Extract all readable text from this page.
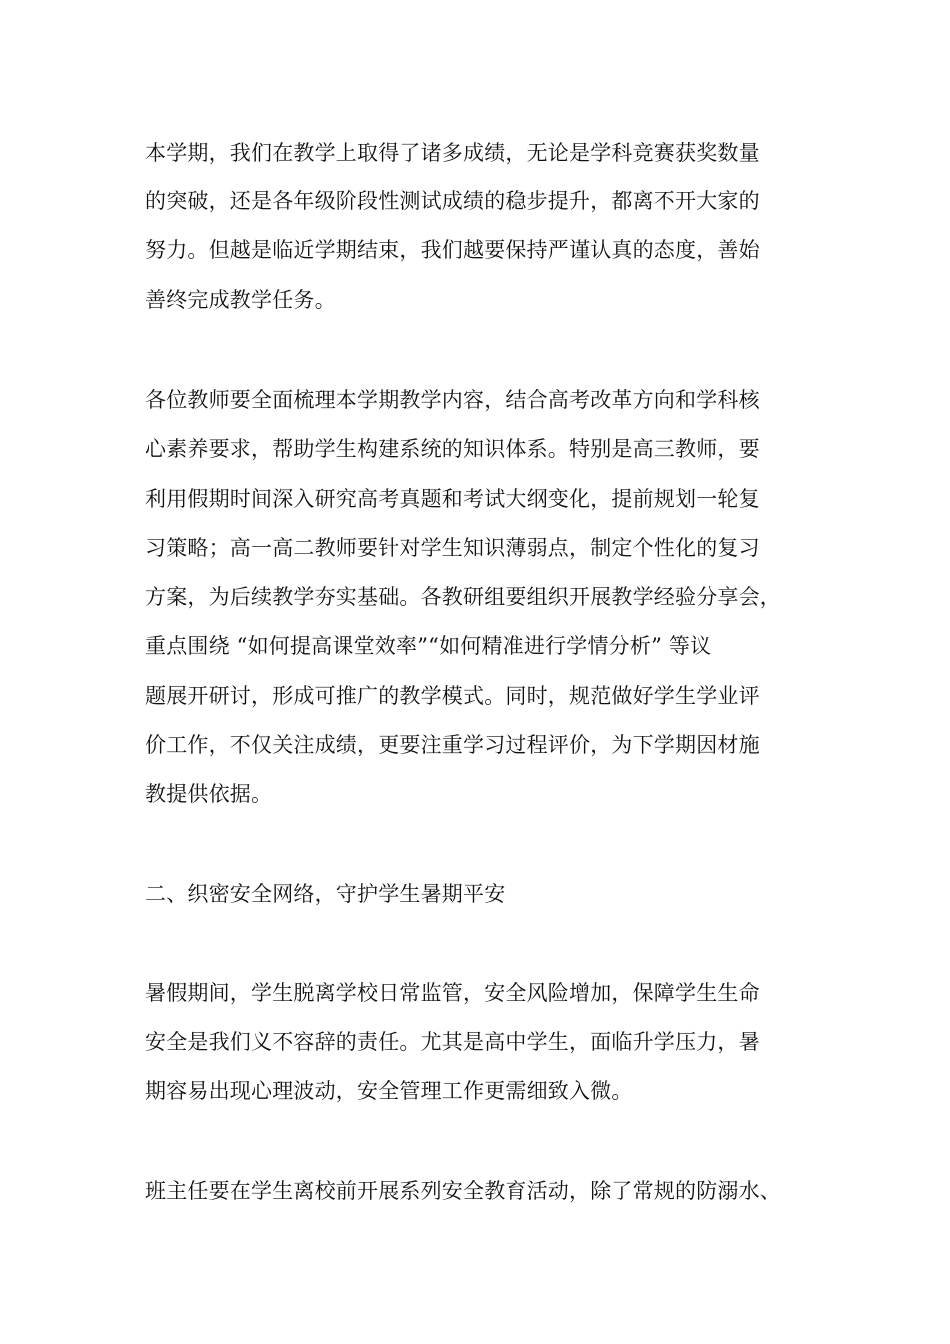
本学期，我们在教学上取得了诸多成绩，无论是学科竞赛获奖数量
的突破，还是各年级阶段性测试成绩的稳步提升，都离不开大家的
努力。但越是临近学期结束，我们越要保持严谨认真的态度，善始
善终完成教学任务。
各位教师要全面梳理本学期教学内容，结合高考改革方向和学科核
心素养要求，帮助学生构建系统的知识体系。特别是高三教师，要
利用假期时间深入研究高考真题和考试大纲变化，提前规划一轮复
习策略；高一高二教师要针对学生知识薄弱点，制定个性化的复习
方案，为后续教学夯实基础。各教研组要组织开展教学经验分享会，
重点围绕 “如何提高课堂效率”“如何精准进行学情分析” 等议
题展开研讨，形成可推广的教学模式。同时，规范做好学生学业评
价工作，不仅关注成绩，更要注重学习过程评价，为下学期因材施
教提供依据。
二、织密安全网络，守护学生暑期平安
暑假期间，学生脱离学校日常监管，安全风险增加，保障学生生命
安全是我们义不容辞的责任。尤其是高中学生，面临升学压力，暑
期容易出现心理波动，安全管理工作更需细致入微。
班主任要在学生离校前开展系列安全教育活动，除了常规的防溺水、
